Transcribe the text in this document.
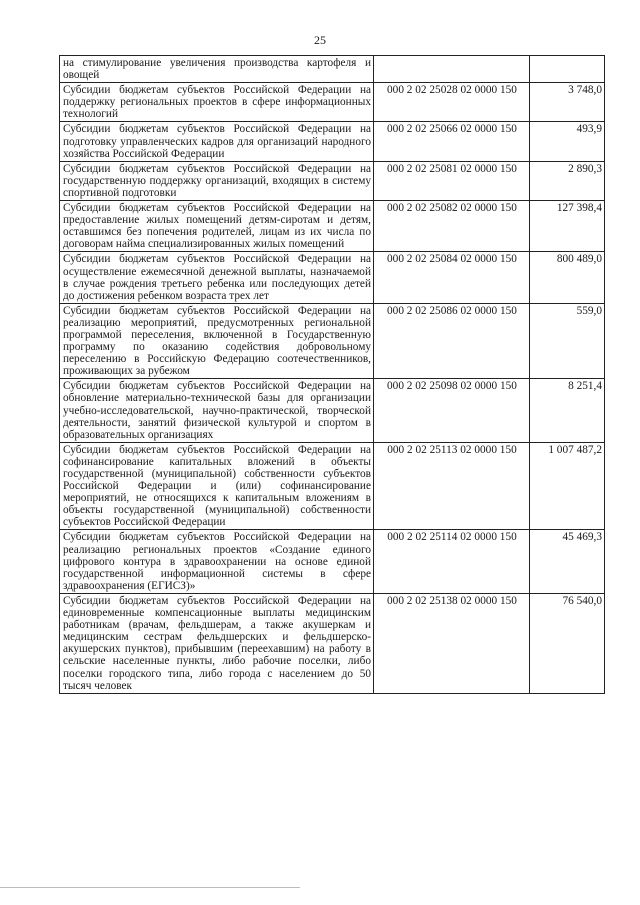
25
на стимулирование увеличения производства картофеля и овощей		
Субсидии бюджетам субъектов Российской Федерации на поддержку региональных проектов в сфере информационных технологий	000 2 02 25028 02 0000 150	3 748,0
Субсидии бюджетам субъектов Российской Федерации на подготовку управленческих кадров для организаций народного хозяйства Российской Федерации	000 2 02 25066 02 0000 150	493,9
Субсидии бюджетам субъектов Российской Федерации на государственную поддержку организаций, входящих в систему спортивной подготовки	000 2 02 25081 02 0000 150	2 890,3
Субсидии бюджетам субъектов Российской Федерации на предоставление жилых помещений детям-сиротам и детям, оставшимся без попечения родителей, лицам из их числа по договорам найма специализированных жилых помещений	000 2 02 25082 02 0000 150	127 398,4
Субсидии бюджетам субъектов Российской Федерации на осуществление ежемесячной денежной выплаты, назначаемой в случае рождения третьего ребенка или последующих детей до достижения ребенком возраста трех лет	000 2 02 25084 02 0000 150	800 489,0
Субсидии бюджетам субъектов Российской Федерации на реализацию мероприятий, предусмотренных региональной программой переселения, включенной в Государственную программу по оказанию содействия добровольному переселению в Российскую Федерацию соотечественников, проживающих за рубежом	000 2 02 25086 02 0000 150	559,0
Субсидии бюджетам субъектов Российской Федерации на обновление материально-технической базы для организации учебно-исследовательской, научно-практической, творческой деятельности, занятий физической культурой и спортом в образовательных организациях	000 2 02 25098 02 0000 150	8 251,4
Субсидии бюджетам субъектов Российской Федерации на софинансирование капитальных вложений в объекты государственной (муниципальной) собственности субъектов Российской Федерации и (или) софинансирование мероприятий, не относящихся к капитальным вложениям в объекты государственной (муниципальной) собственности субъектов Российской Федерации	000 2 02 25113 02 0000 150	1 007 487,2
Субсидии бюджетам субъектов Российской Федерации на реализацию региональных проектов «Создание единого цифрового контура в здравоохранении на основе единой государственной информационной системы в сфере здравоохранения (ЕГИСЗ)»	000 2 02 25114 02 0000 150	45 469,3
Субсидии бюджетам субъектов Российской Федерации на единовременные компенсационные выплаты медицинским работникам (врачам, фельдшерам, а также акушеркам и медицинским сестрам фельдшерских и фельдшерско-акушерских пунктов), прибывшим (переехавшим) на работу в сельские населенные пункты, либо рабочие поселки, либо поселки городского типа, либо города с населением до 50 тысяч человек	000 2 02 25138 02 0000 150	76 540,0
